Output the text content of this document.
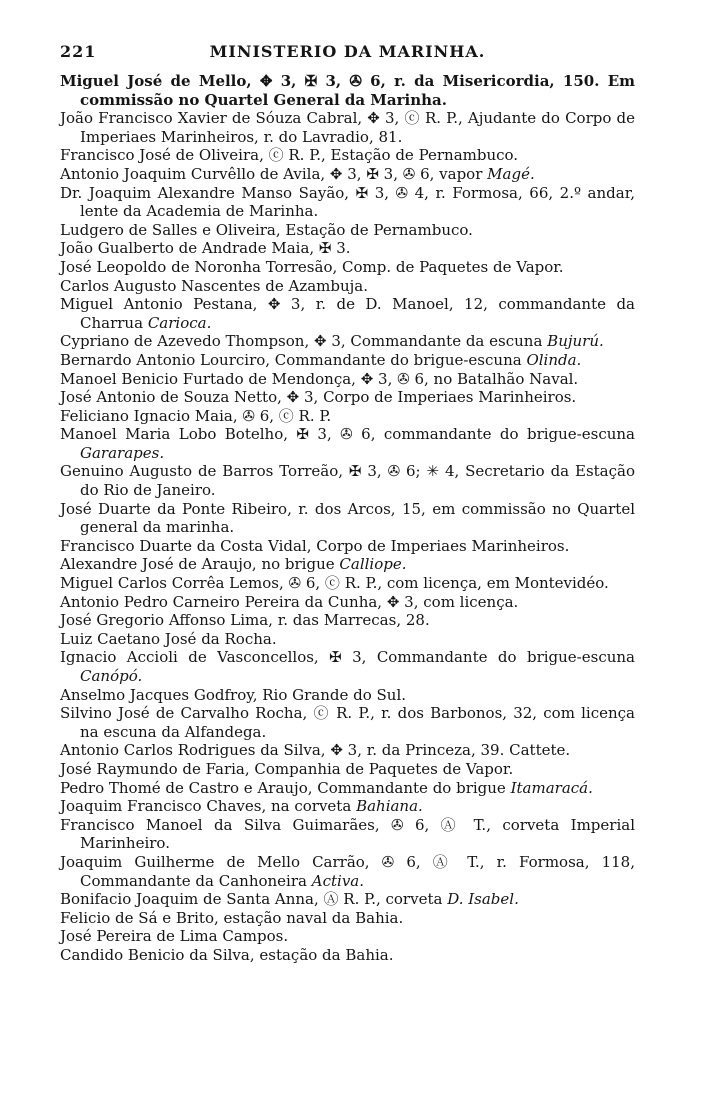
221	MINISTERIO DA MARINHA.
Miguel José de Mello, ✥ 3, ✠ 3, ✇ 6, r. da Misericordia, 150. Em commissão no Quartel General da Marinha.
João Francisco Xavier de Sóuza Cabral, ✥ 3, ⓒ R. P., Ajudante do Corpo de Imperiaes Marinheiros, r. do Lavradio, 81.
Francisco José de Oliveira, ⓒ R. P., Estação de Pernambuco.
Antonio Joaquim Curvêllo de Avila, ✥ 3, ✠ 3, ✇ 6, vapor Magé.
Dr. Joaquim Alexandre Manso Sayão, ✠ 3, ✇ 4, r. Formosa, 66, 2.º andar, lente da Academia de Marinha.
Ludgero de Salles e Oliveira, Estação de Pernambuco.
João Gualberto de Andrade Maia, ✠ 3.
José Leopoldo de Noronha Torresão, Comp. de Paquetes de Vapor.
Carlos Augusto Nascentes de Azambuja.
Miguel Antonio Pestana, ✥ 3, r. de D. Manoel, 12, commandante da Charrua Carioca.
Cypriano de Azevedo Thompson, ✥ 3, Commandante da escuna Bujurú.
Bernardo Antonio Lourciro, Commandante do brigue-escuna Olinda.
Manoel Benicio Furtado de Mendonça, ✥ 3, ✇ 6, no Batalhão Naval.
José Antonio de Souza Netto, ✥ 3, Corpo de Imperiaes Marinheiros.
Feliciano Ignacio Maia, ✇ 6, ⓒ R. P.
Manoel Maria Lobo Botelho, ✠ 3, ✇ 6, commandante do brigue-escuna Gararapes.
Genuino Augusto de Barros Torreão, ✠ 3, ✇ 6; ✳ 4, Secretario da Estação do Rio de Janeiro.
José Duarte da Ponte Ribeiro, r. dos Arcos, 15, em commissão no Quartel general da marinha.
Francisco Duarte da Costa Vidal, Corpo de Imperiaes Marinheiros.
Alexandre José de Araujo, no brigue Calliope.
Miguel Carlos Corrêa Lemos, ✇ 6, ⓒ R. P., com licença, em Montevidéo.
Antonio Pedro Carneiro Pereira da Cunha, ✥ 3, com licença.
José Gregorio Affonso Lima, r. das Marrecas, 28.
Luiz Caetano José da Rocha.
Ignacio Accioli de Vasconcellos, ✠ 3, Commandante do brigue-escuna Canópó.
Anselmo Jacques Godfroy, Rio Grande do Sul.
Silvino José de Carvalho Rocha, ⓒ R. P., r. dos Barbonos, 32, com licença na escuna da Alfandega.
Antonio Carlos Rodrigues da Silva, ✥ 3, r. da Princeza, 39. Cattete.
José Raymundo de Faria, Companhia de Paquetes de Vapor.
Pedro Thomé de Castro e Araujo, Commandante do brigue Itamaracá.
Joaquim Francisco Chaves, na corveta Bahiana.
Francisco Manoel da Silva Guimarães, ✇ 6, Ⓐ T., corveta Imperial Marinheiro.
Joaquim Guilherme de Mello Carrão, ✇ 6, Ⓐ T., r. Formosa, 118, Commandante da Canhoneira Activa.
Bonifacio Joaquim de Santa Anna, Ⓐ R. P., corveta D. Isabel.
Felicio de Sá e Brito, estação naval da Bahia.
José Pereira de Lima Campos.
Candido Benicio da Silva, estação da Bahia.
